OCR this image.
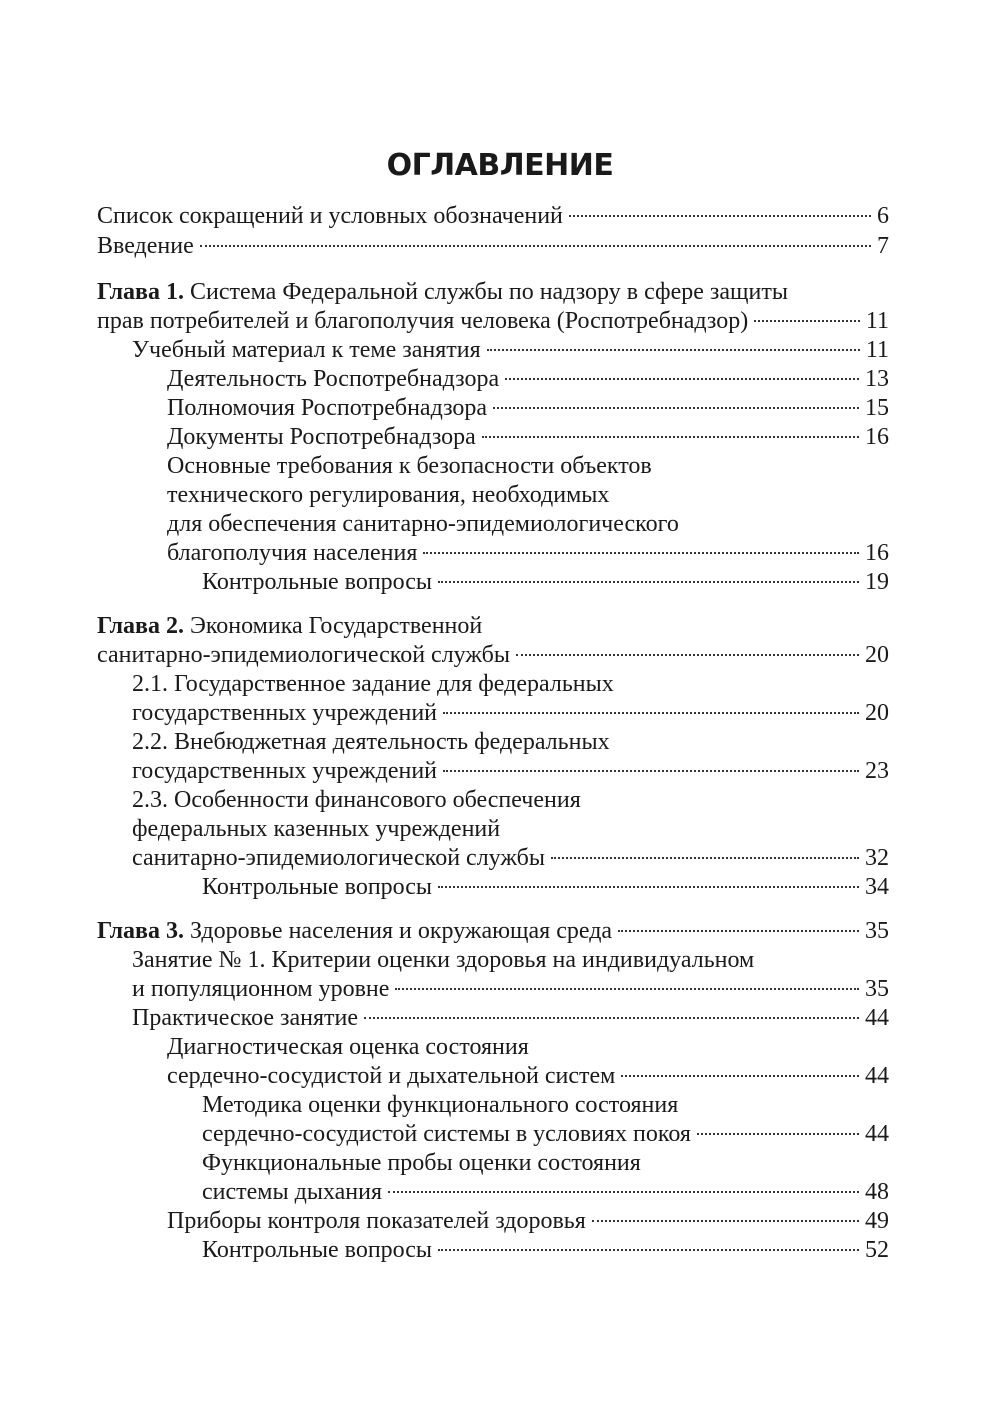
ОГЛАВЛЕНИЕ
Список сокращений и условных обозначений	6
Введение	7
Глава 1. Система Федеральной службы по надзору в сфере защиты
прав потребителей и благополучия человека (Роспотребнадзор)	11
Учебный материал к теме занятия	11
Деятельность Роспотребнадзора	13
Полномочия Роспотребнадзора	15
Документы Роспотребнадзора	16
Основные требования к безопасности объектов
технического регулирования, необходимых
для обеспечения санитарно-эпидемиологического
благополучия населения	16
Контрольные вопросы	19
Глава 2. Экономика Государственной
санитарно-эпидемиологической службы	20
2.1. Государственное задание для федеральных
государственных учреждений	20
2.2. Внебюджетная деятельность федеральных
государственных учреждений	23
2.3. Особенности финансового обеспечения
федеральных казенных учреждений
санитарно-эпидемиологической службы	32
Контрольные вопросы	34
Глава 3. Здоровье населения и окружающая среда	35
Занятие № 1. Критерии оценки здоровья на индивидуальном
и популяционном уровне	35
Практическое занятие	44
Диагностическая оценка состояния
сердечно-сосудистой и дыхательной систем	44
Методика оценки функционального состояния
сердечно-сосудистой системы в условиях покоя	44
Функциональные пробы оценки состояния
системы дыхания	48
Приборы контроля показателей здоровья	49
Контрольные вопросы	52
